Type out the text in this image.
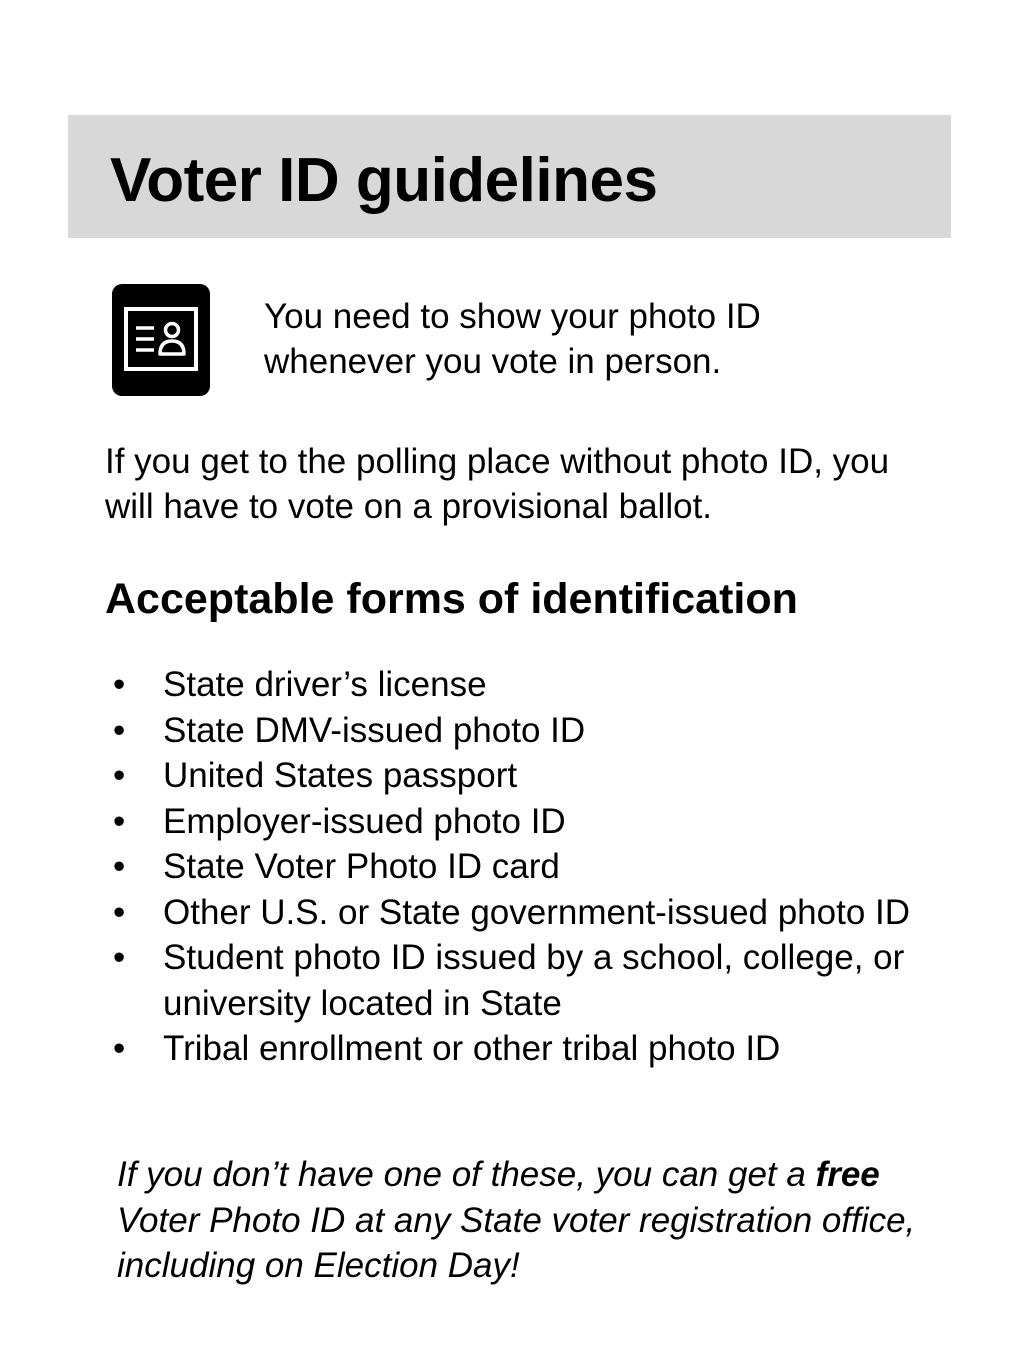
Voter ID guidelines

You need to show your photo ID
whenever you vote in person.

If you get to the polling place without photo ID, you
will have to vote on a provisional ballot.

Acceptable forms of identification
• State driver’s license
• State DMV-issued photo ID
• United States passport
• Employer-issued photo ID
• State Voter Photo ID card
• Other U.S. or State government-issued photo ID
• Student photo ID issued by a school, college, or university located in State
• Tribal enrollment or other tribal photo ID

If you don’t have one of these, you can get a free Voter Photo ID at any State voter registration office, including on Election Day!
